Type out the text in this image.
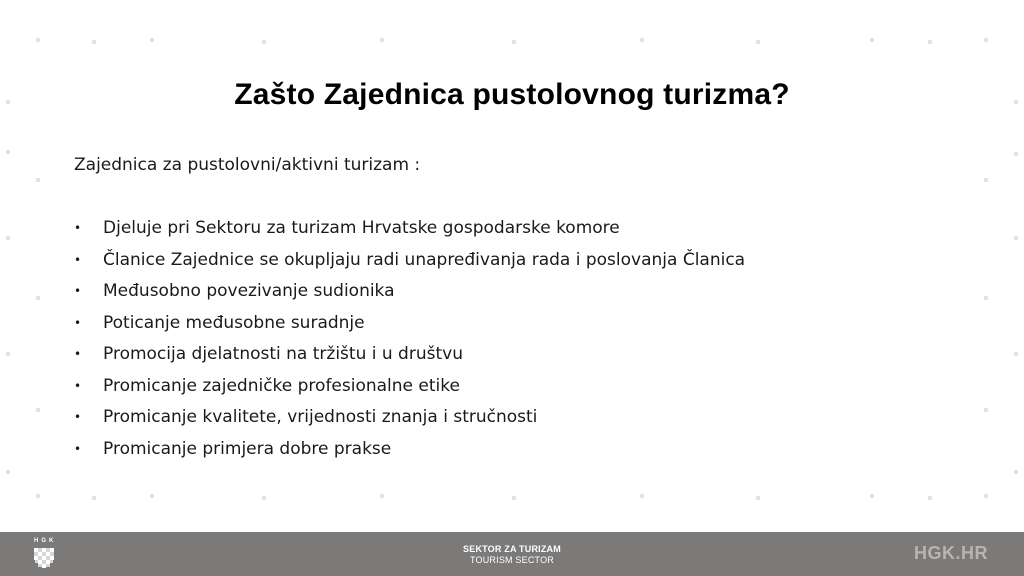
Zašto Zajednica pustolovnog turizma?
Zajednica za pustolovni/aktivni turizam :
• Djeluje pri Sektoru za turizam Hrvatske gospodarske komore
• Članice Zajednice se okupljaju radi unapređivanja rada i poslovanja Članica
• Međusobno povezivanje sudionika
• Poticanje međusobne suradnje
• Promocija djelatnosti na tržištu i u društvu
• Promicanje zajedničke profesionalne etike
• Promicanje kvalitete, vrijednosti znanja i stručnosti
• Promicanje primjera dobre prakse
HGK
SEKTOR ZA TURIZAM
TOURISM SECTOR	HGK.HR
